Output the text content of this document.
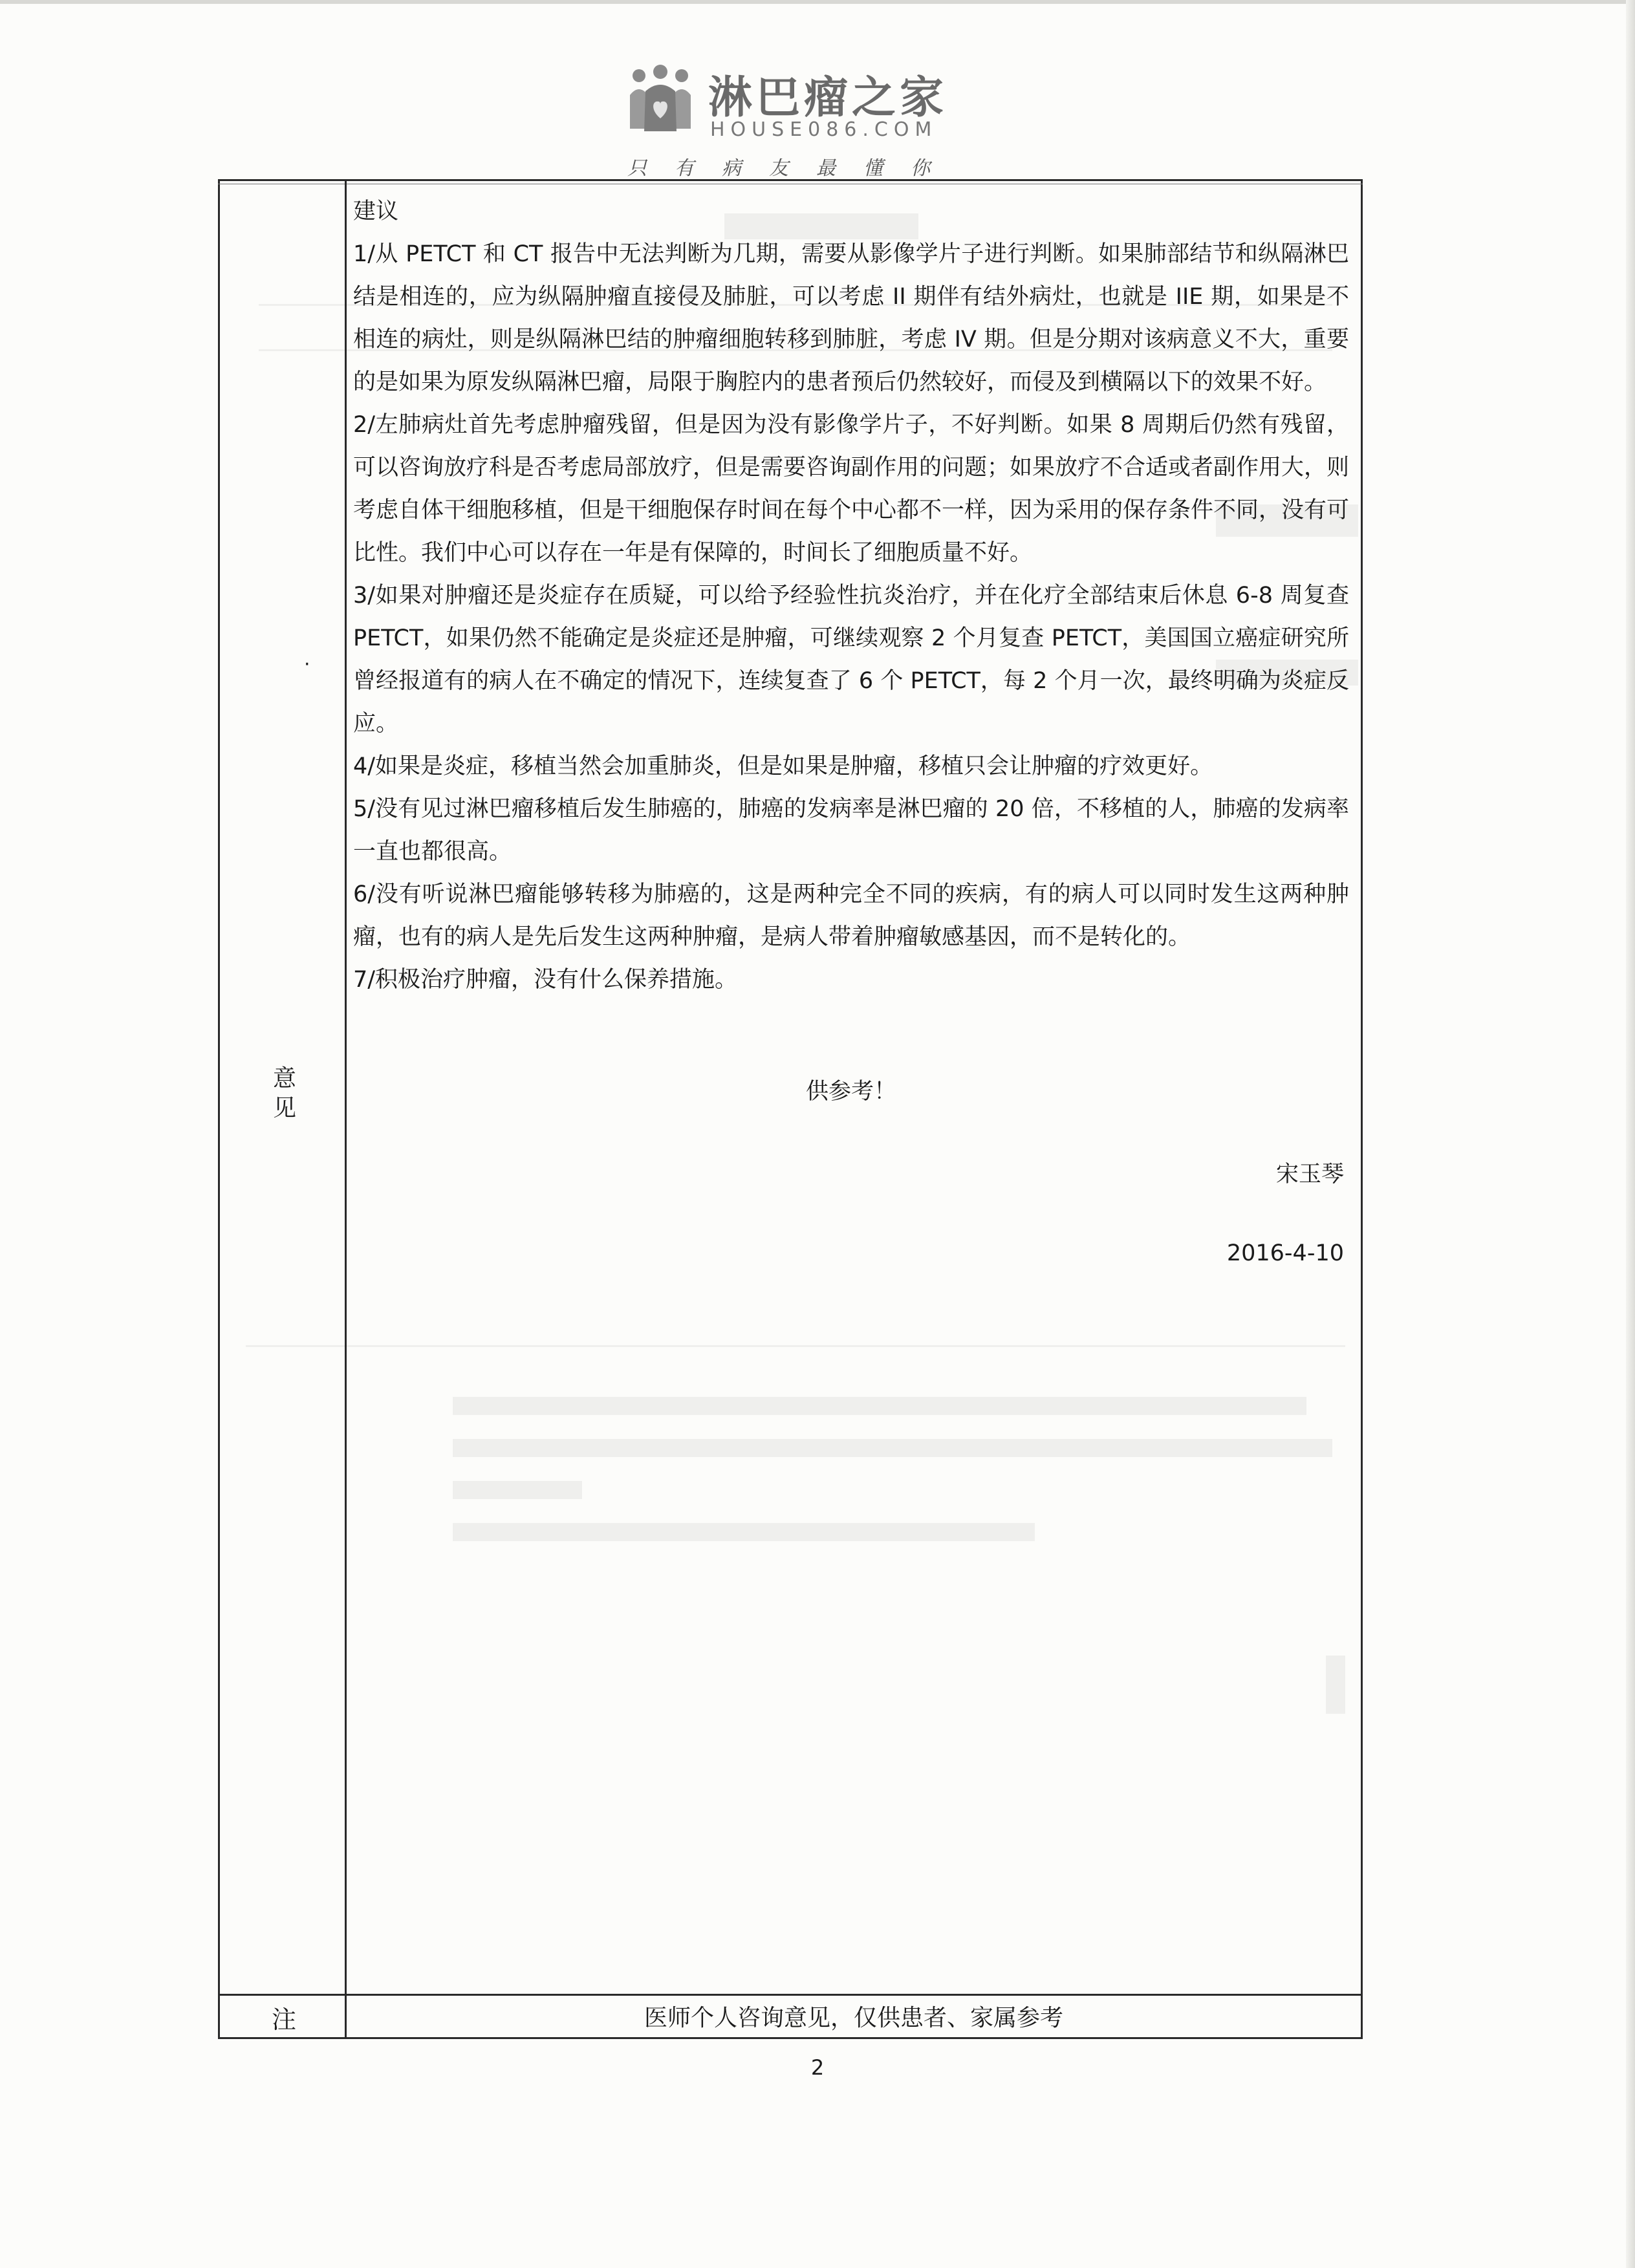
淋巴瘤之家
HOUSE086.COM
只有病友最懂你
·
意
见

建议

1/从 PETCT 和 CT 报告中无法判断为几期，需要从影像学片子进行判断。如果肺部结节和纵隔淋巴结是相连的，应为纵隔肿瘤直接侵及肺脏，可以考虑 II 期伴有结外病灶，也就是 IIE 期，如果是不相连的病灶，则是纵隔淋巴结的肿瘤细胞转移到肺脏，考虑 IV 期。但是分期对该病意义不大，重要的是如果为原发纵隔淋巴瘤，局限于胸腔内的患者预后仍然较好，而侵及到横隔以下的效果不好。

2/左肺病灶首先考虑肿瘤残留，但是因为没有影像学片子，不好判断。如果 8 周期后仍然有残留，可以咨询放疗科是否考虑局部放疗，但是需要咨询副作用的问题；如果放疗不合适或者副作用大，则考虑自体干细胞移植，但是干细胞保存时间在每个中心都不一样，因为采用的保存条件不同，没有可比性。我们中心可以存在一年是有保障的，时间长了细胞质量不好。

3/如果对肿瘤还是炎症存在质疑，可以给予经验性抗炎治疗，并在化疗全部结束后休息 6-8 周复查 PETCT，如果仍然不能确定是炎症还是肿瘤，可继续观察 2 个月复查 PETCT，美国国立癌症研究所曾经报道有的病人在不确定的情况下，连续复查了 6 个 PETCT，每 2 个月一次，最终明确为炎症反应。

4/如果是炎症，移植当然会加重肺炎，但是如果是肿瘤，移植只会让肿瘤的疗效更好。

5/没有见过淋巴瘤移植后发生肺癌的，肺癌的发病率是淋巴瘤的 20 倍，不移植的人，肺癌的发病率一直也都很高。

6/没有听说淋巴瘤能够转移为肺癌的，这是两种完全不同的疾病，有的病人可以同时发生这两种肿瘤，也有的病人是先后发生这两种肿瘤，是病人带着肿瘤敏感基因，而不是转化的。

7/积极治疗肿瘤，没有什么保养措施。

供参考！
宋玉琴
2016-4-10
注	医师个人咨询意见，仅供患者、家属参考
2
